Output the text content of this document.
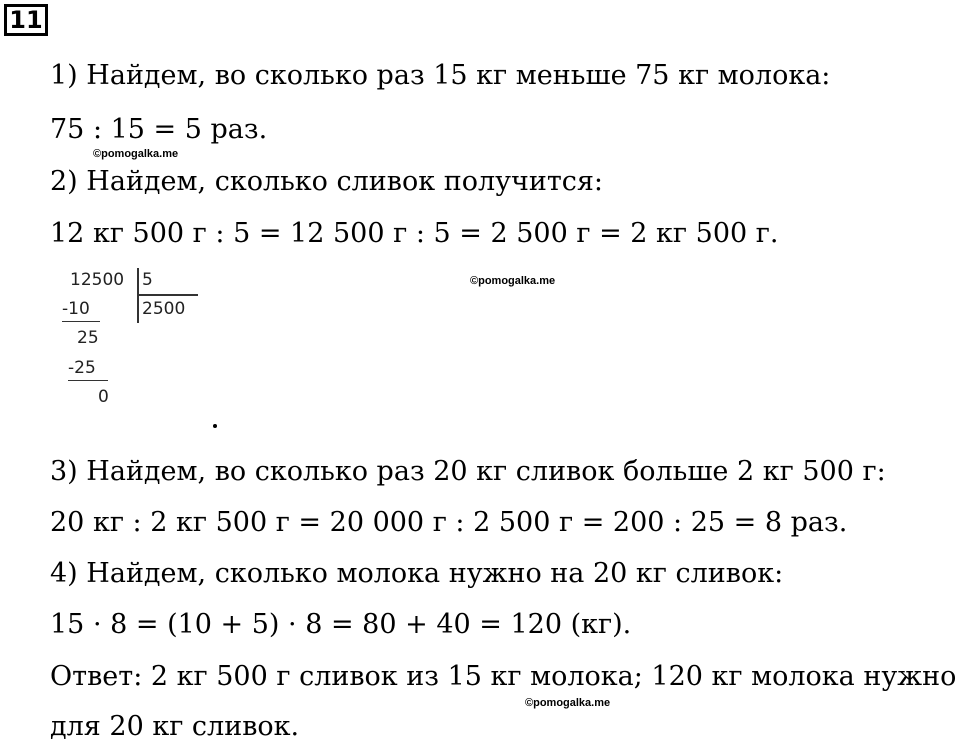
11
1) Найдем, во сколько раз 15 кг меньше 75 кг молока:
75 : 15 = 5 раз.
©pomogalka.me
2) Найдем, сколько сливок получится:
12 кг 500 г : 5 = 12 500 г : 5 = 2 500 г = 2 кг 500 г.
12500 5
2500
-10
25
-25
0
©pomogalka.me
3) Найдем, во сколько раз 20 кг сливок больше 2 кг 500 г:
20 кг : 2 кг 500 г = 20 000 г : 2 500 г = 200 : 25 = 8 раз.
4) Найдем, сколько молока нужно на 20 кг сливок:
15 · 8 = (10 + 5) · 8 = 80 + 40 = 120 (кг).
Ответ: 2 кг 500 г сливок из 15 кг молока; 120 кг молока нужно
©pomogalka.me
для 20 кг сливок.
